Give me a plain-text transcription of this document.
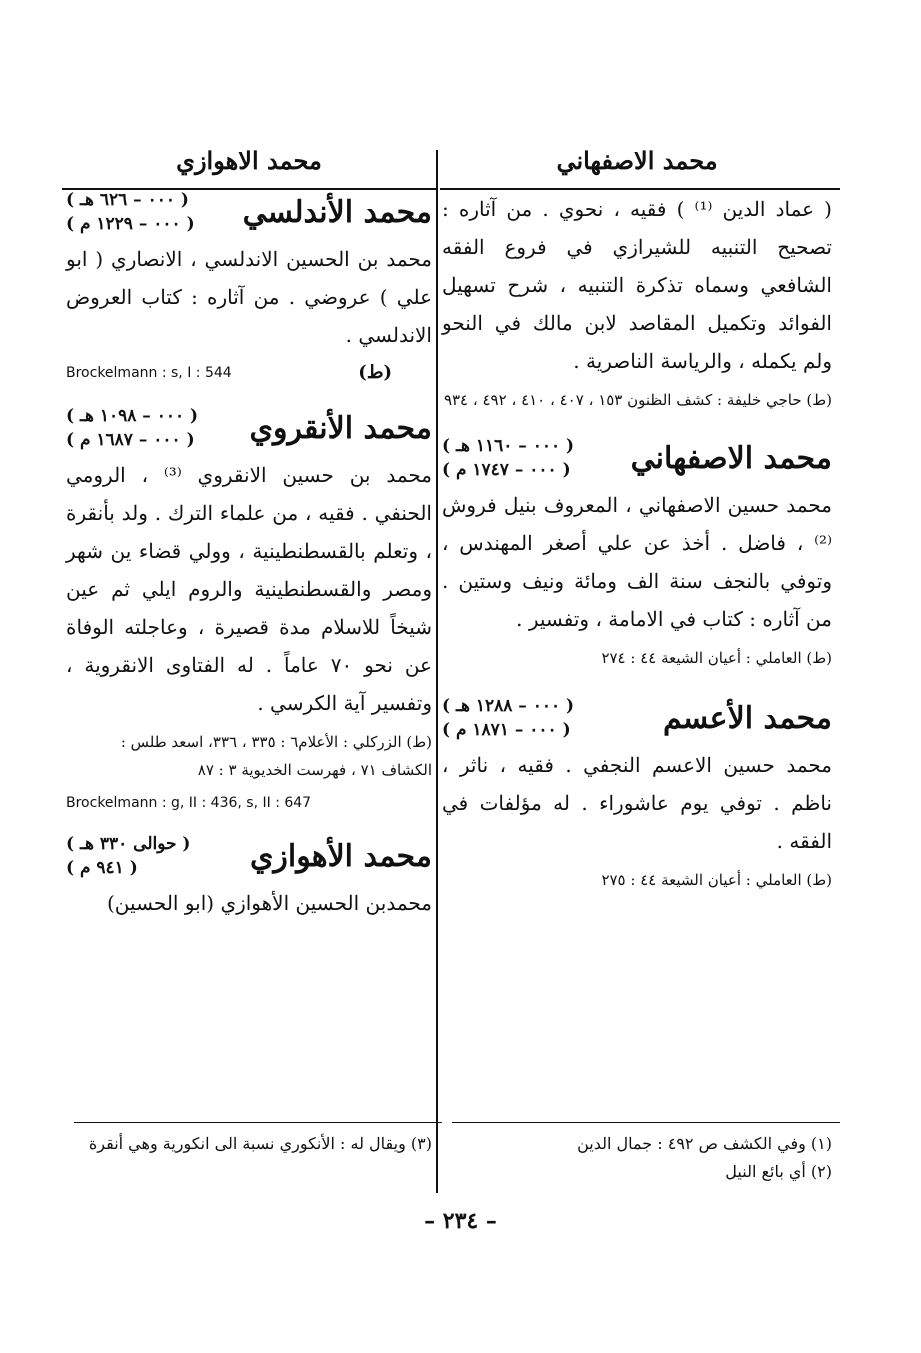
محمد الاصفهاني

( عماد الدين ⁽¹⁾ ) فقيه ، نحوي . من آثاره : تصحيح التنبيه للشيرازي في فروع الفقه الشافعي وسماه تذكرة التنبيه ، شرح تسهيل الفوائد وتكميل المقاصد لابن مالك في النحو ولم يكمله ، والرياسة الناصرية .

(ط) حاجي خليفة : كشف الظنون ١٥٣ ، ٤٠٧ ، ٤١٠ ، ٤٩٢ ، ٩٣٤
محمد الاصفهاني
( ٠٠٠ – ١١٦٠ هـ )
( ٠٠٠ – ١٧٤٧ م )

محمد حسين الاصفهاني ، المعروف بنيل فروش ⁽²⁾ ، فاضل . أخذ عن علي أصغر المهندس ، وتوفي بالنجف سنة الف ومائة ونيف وستين . من آثاره : كتاب في الامامة ، وتفسير .

(ط) العاملي : أعيان الشيعة ٤٤ : ٢٧٤
محمد الأعسم
( ٠٠٠ – ١٢٨٨ هـ )
( ٠٠٠ – ١٨٧١ م )

محمد حسين الاعسم النجفي . فقيه ، ناثر ، ناظم . توفي يوم عاشوراء . له مؤلفات في الفقه .

(ط) العاملي : أعيان الشيعة ٤٤ : ٢٧٥
(١) وفي الكشف ص ٤٩٢ : جمال الدين
(٢) أي بائع النيل
محمد الاهوازي
محمد الأندلسي
( ٠٠٠ – ٦٢٦ هـ )
( ٠٠٠ – ١٢٢٩ م )

محمد بن الحسين الاندلسي ، الانصاري ( ابو علي ) عروضي . من آثاره : كتاب العروض الاندلسي .

Brockelmann : s, I : 544	(ط)
محمد الأنقروي
( ٠٠٠ – ١٠٩٨ هـ )
( ٠٠٠ – ١٦٨٧ م )

محمد بن حسين الانقروي ⁽³⁾ ، الرومي الحنفي . فقيه ، من علماء الترك . ولد بأنقرة ، وتعلم بالقسطنطينية ، وولي قضاء ين شهر ومصر والقسطنطينية والروم ايلي ثم عين شيخاً للاسلام مدة قصيرة ، وعاجلته الوفاة عن نحو ٧٠ عاماً . له الفتاوى الانقروية ، وتفسير آية الكرسي .

(ط) الزركلي : الأعلام٦ : ٣٣٥ ، ٣٣٦، اسعد طلس : الكشاف ٧١ ، فهرست الخديوية ٣ : ٨٧
Brockelmann : g, II : 436, s, II : 647
محمد الأهوازي
( حوالى ٣٣٠ هـ )
( ٩٤١ م )

محمدبن الحسين الأهوازي (ابو الحسين)

(٣) ويقال له : الأنكوري نسبة الى انكورية وهي أنقرة
– ٢٣٤ –
